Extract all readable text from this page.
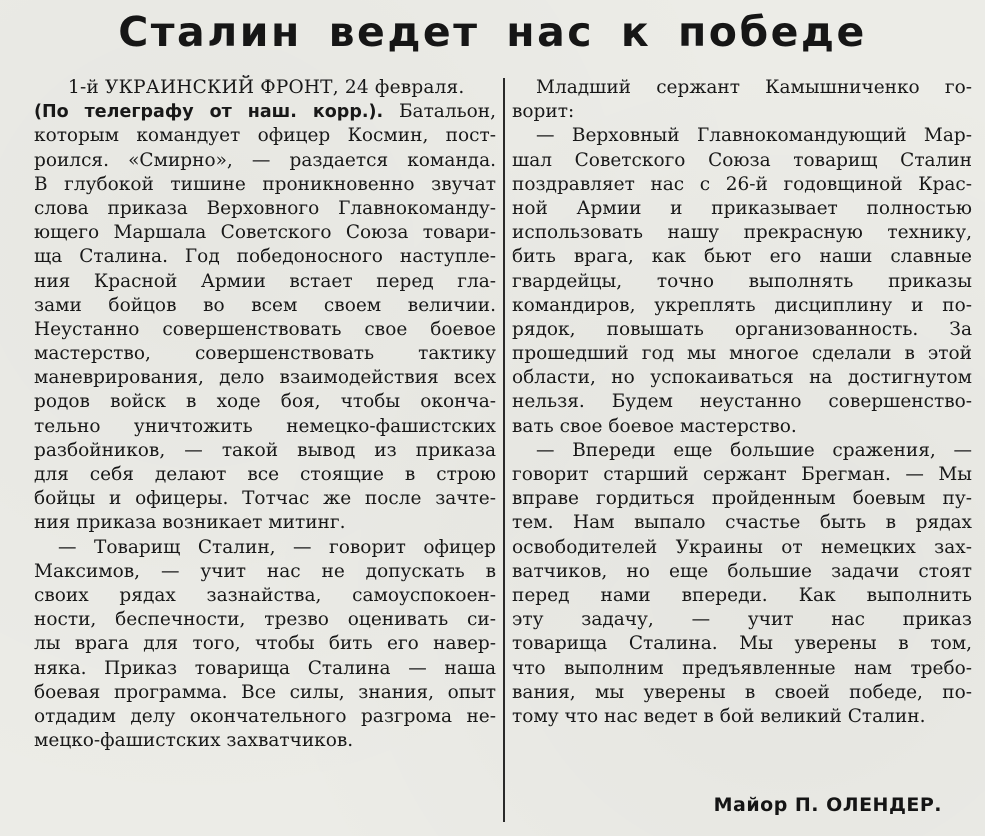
Сталин ведет нас к победе
1-й УКРАИНСКИЙ ФРОНТ, 24 февраля.
(По телеграфу от наш. корр.). Батальон,
которым командует офицер Космин, пост-
роился. «Смирно», — раздается команда.
В глубокой тишине проникновенно звучат
слова приказа Верховного Главнокоманду-
ющего Маршала Советского Союза товари-
ща Сталина. Год победоносного наступле-
ния Красной Армии встает перед гла-
зами бойцов во всем своем величии.
Неустанно совершенствовать свое боевое
мастерство, совершенствовать тактику
маневрирования, дело взаимодействия всех
родов войск в ходе боя, чтобы оконча-
тельно уничтожить немецко-фашистских
разбойников, — такой вывод из приказа
для себя делают все стоящие в строю
бойцы и офицеры. Тотчас же после зачте-
ния приказа возникает митинг.
— Товарищ Сталин, — говорит офицер
Максимов, — учит нас не допускать в
своих рядах зазнайства, самоуспокоен-
ности, беспечности, трезво оценивать си-
лы врага для того, чтобы бить его навер-
няка. Приказ товарища Сталина — наша
боевая программа. Все силы, знания, опыт
отдадим делу окончательного разгрома не-
мецко-фашистских захватчиков.
Младший сержант Камышниченко го-
ворит:
— Верховный Главнокомандующий Мар-
шал Советского Союза товарищ Сталин
поздравляет нас с 26-й годовщиной Крас-
ной Армии и приказывает полностью
использовать нашу прекрасную технику,
бить врага, как бьют его наши славные
гвардейцы, точно выполнять приказы
командиров, укреплять дисциплину и по-
рядок, повышать организованность. За
прошедший год мы многое сделали в этой
области, но успокаиваться на достигнутом
нельзя. Будем неустанно совершенство-
вать свое боевое мастерство.
— Впереди еще большие сражения, —
говорит старший сержант Брегман. — Мы
вправе гордиться пройденным боевым пу-
тем. Нам выпало счастье быть в рядах
освободителей Украины от немецких зах-
ватчиков, но еще большие задачи стоят
перед нами впереди. Как выполнить
эту задачу, — учит нас приказ
товарища Сталина. Мы уверены в том,
что выполним предъявленные нам требо-
вания, мы уверены в своей победе, по-
тому что нас ведет в бой великий Сталин.
Майор П. ОЛЕНДЕР.
